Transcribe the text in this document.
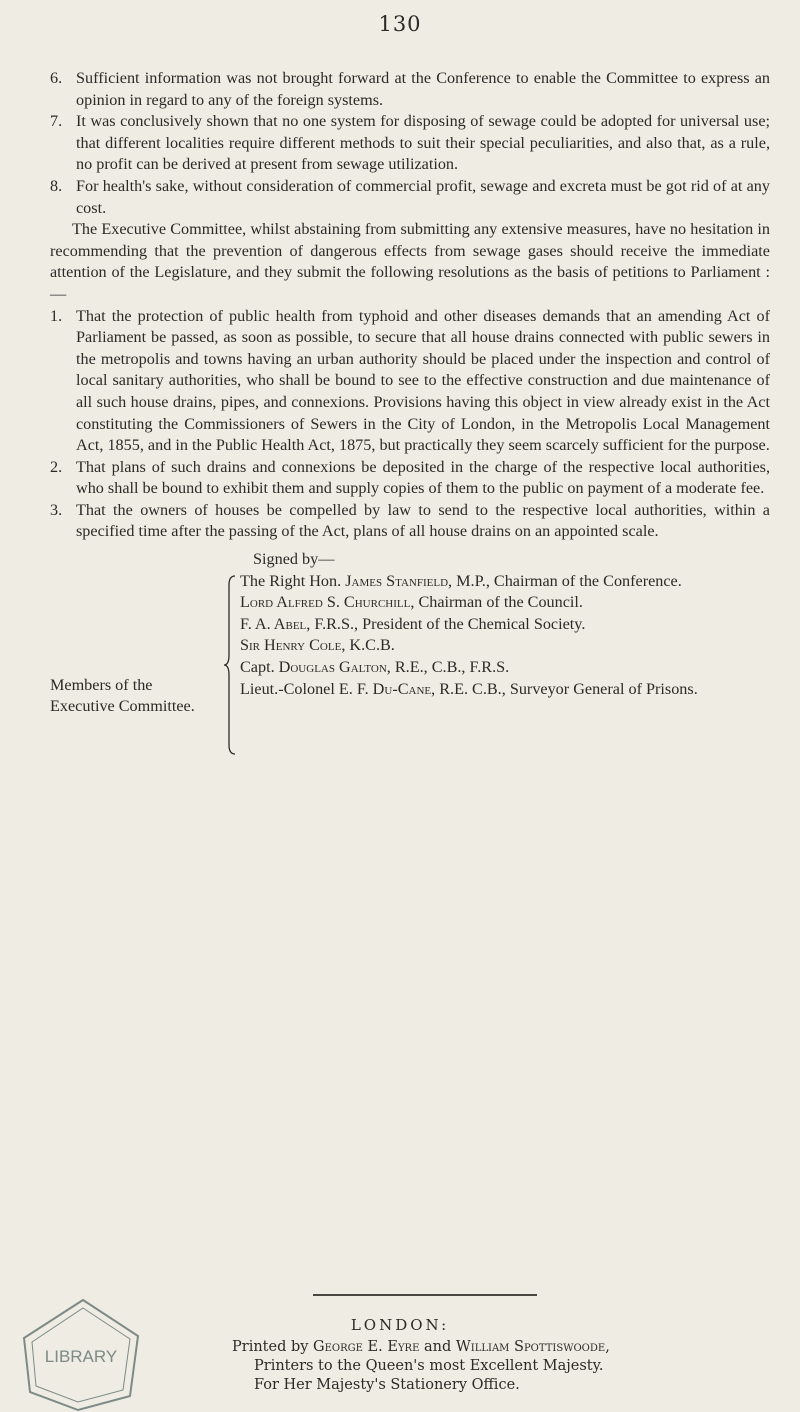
130
6. Sufficient information was not brought forward at the Conference to enable the Committee to express an opinion in regard to any of the foreign systems.
7. It was conclusively shown that no one system for disposing of sewage could be adopted for universal use; that different localities require different methods to suit their special peculiarities, and also that, as a rule, no profit can be derived at present from sewage utilization.
8. For health's sake, without consideration of commercial profit, sewage and excreta must be got rid of at any cost.

The Executive Committee, whilst abstaining from submitting any extensive measures, have no hesitation in recommending that the prevention of dangerous effects from sewage gases should receive the immediate attention of the Legislature, and they submit the following resolutions as the basis of petitions to Parliament :—

1. That the protection of public health from typhoid and other diseases demands that an amending Act of Parliament be passed, as soon as possible, to secure that all house drains connected with public sewers in the metropolis and towns having an urban authority should be placed under the inspection and control of local sanitary authorities, who shall be bound to see to the effective construction and due maintenance of all such house drains, pipes, and connexions. Provisions having this object in view already exist in the Act constituting the Commissioners of Sewers in the City of London, in the Metropolis Local Management Act, 1855, and in the Public Health Act, 1875, but practically they seem scarcely sufficient for the purpose.
2. That plans of such drains and connexions be deposited in the charge of the respective local authorities, who shall be bound to exhibit them and supply copies of them to the public on payment of a moderate fee.
3. That the owners of houses be compelled by law to send to the respective local authorities, within a specified time after the passing of the Act, plans of all house drains on an appointed scale.
Signed by—
Members of the Executive Committee.

The Right Hon. James Stanfield, M.P., Chairman of the Conference.

Lord Alfred S. Churchill, Chairman of the Council.

F. A. Abel, F.R.S., President of the Chemical Society.

Sir Henry Cole, K.C.B.

Capt. Douglas Galton, R.E., C.B., F.R.S.

Lieut.-Colonel E. F. Du-Cane, R.E. C.B., Surveyor General of Prisons.

LONDON:
Printed by George E. Eyre and William Spottiswoode,
Printers to the Queen's most Excellent Majesty.
For Her Majesty's Stationery Office.
LIBRARY
